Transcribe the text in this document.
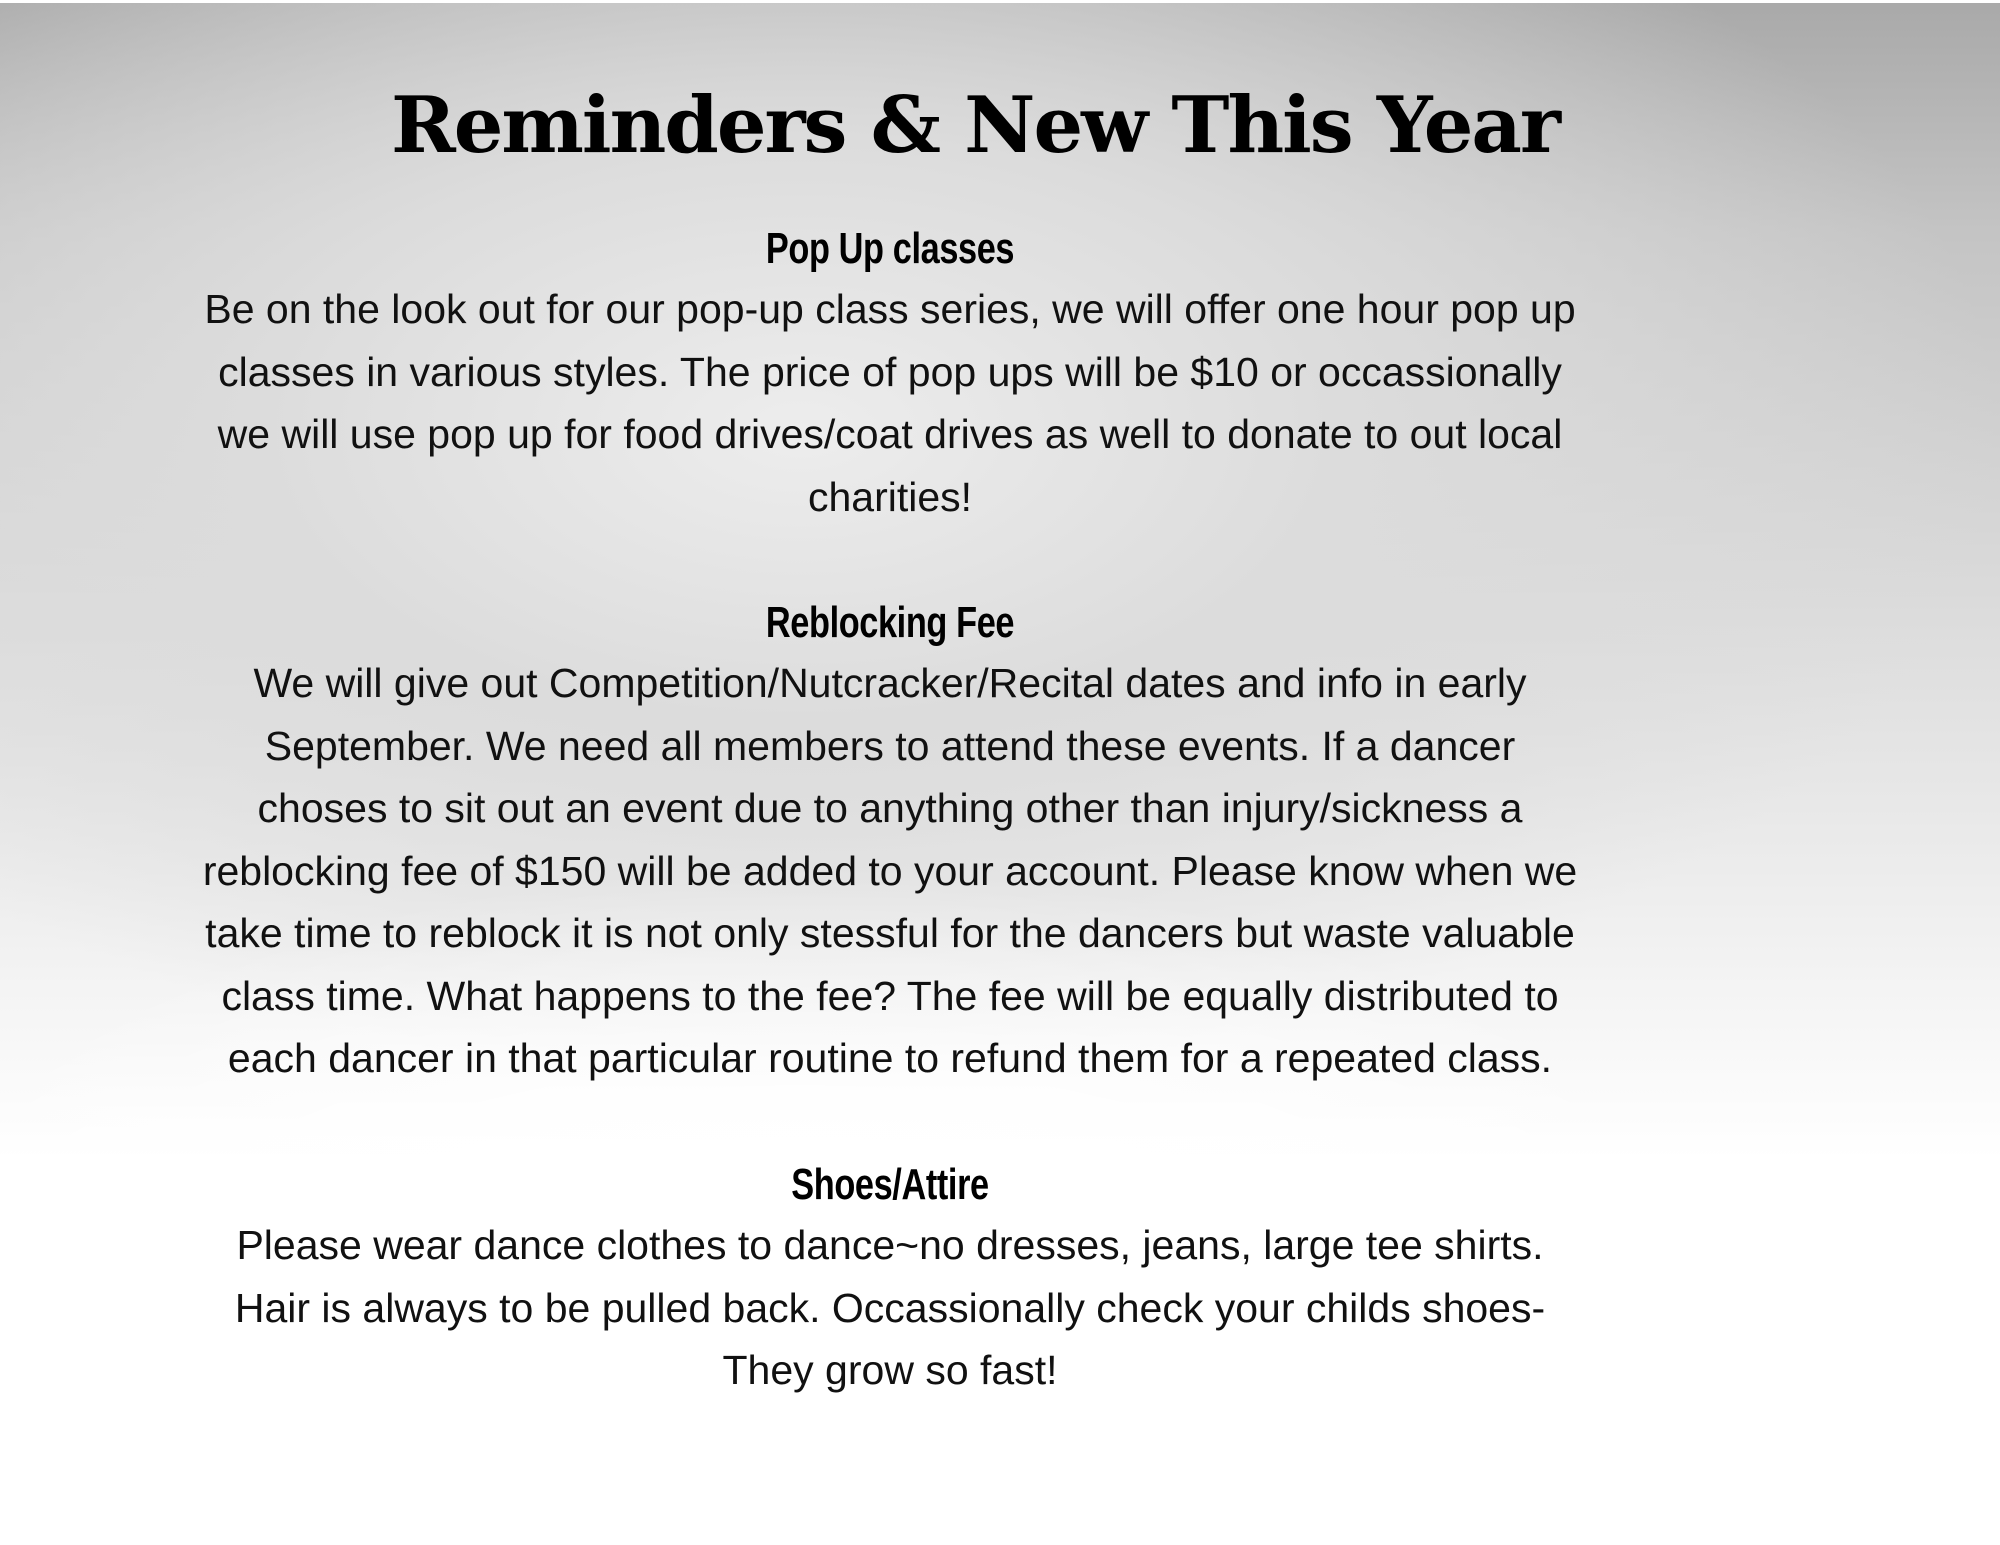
Reminders & New This Year
Pop Up classes

Be on the look out for our pop-up class series, we will offer one hour pop up
classes in various styles. The price of pop ups will be $10 or occassionally
we will use pop up for food drives/coat drives as well to donate to out local
charities!

Reblocking Fee

We will give out Competition/Nutcracker/Recital dates and info in early
September. We need all members to attend these events. If a dancer
choses to sit out an event due to anything other than injury/sickness a
reblocking fee of $150 will be added to your account. Please know when we
take time to reblock it is not only stessful for the dancers but waste valuable
class time. What happens to the fee? The fee will be equally distributed to
each dancer in that particular routine to refund them for a repeated class.

Shoes/Attire

Please wear dance clothes to dance~no dresses, jeans, large tee shirts.
Hair is always to be pulled back. Occassionally check your childs shoes-
They grow so fast!
